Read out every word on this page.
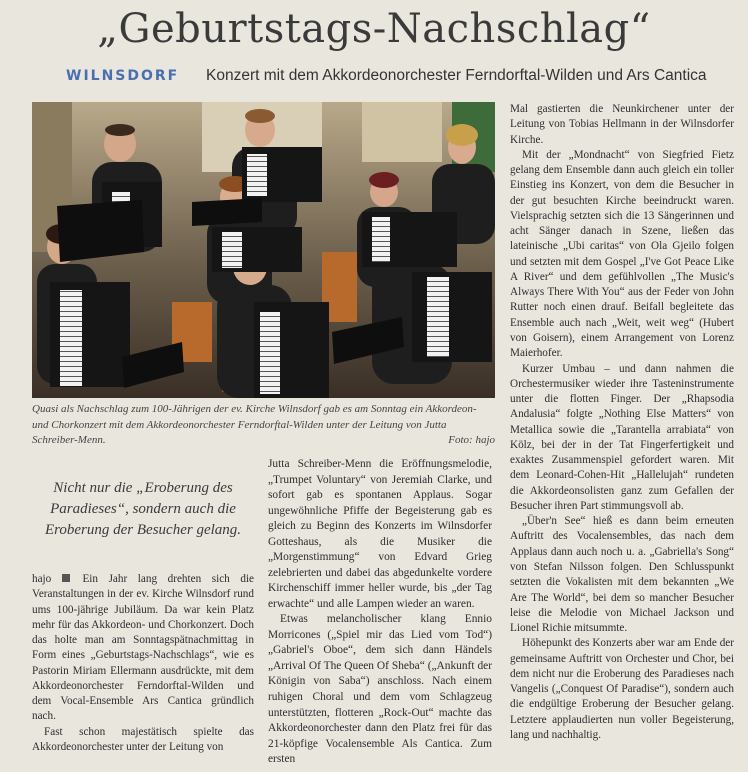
„Geburtstags-Nachschlag“
WILNSDORF Konzert mit dem Akkordeonorchester Ferndorftal-Wilden und Ars Cantica
Quasi als Nachschlag zum 100-Jährigen der ev. Kirche Wilnsdorf gab es am Sonntag ein Akkordeon- und Chorkonzert mit dem Akkordeonorchester Ferndorftal-Wilden unter der Leitung von Jutta Schreiber-Menn.	Foto: hajo
Nicht nur die „Eroberung des Paradieses“, sondern auch die Eroberung der Besucher gelang.

hajo	Ein Jahr lang drehten sich die Veranstaltungen in der ev. Kirche Wilnsdorf rund ums 100-jährige Jubiläum. Da war kein Platz mehr für das Akkordeon- und Chorkonzert. Doch das holte man am Sonntagspätnachmittag in Form eines „Geburtstags-Nachschlags“, wie es Pastorin Miriam Ellermann ausdrückte, mit dem Akkordeonorchester Ferndorftal-Wilden und dem Vocal-Ensemble Ars Cantica gründlich nach.

Fast schon majestätisch spielte das Akkordeonorchester unter der Leitung von

Jutta Schreiber-Menn die Eröffnungsmelodie, „Trumpet Voluntary“ von Jeremiah Clarke, und sofort gab es spontanen Applaus. Sogar ungewöhnliche Pfiffe der Begeisterung gab es gleich zu Beginn des Konzerts im Wilnsdorfer Gotteshaus, als die Musiker die „Morgenstimmung“ von Edvard Grieg zelebrierten und dabei das abgedunkelte vordere Kirchenschiff immer heller wurde, bis „der Tag erwachte“ und alle Lampen wieder an waren.

Etwas melancholischer klang Ennio Morricones („Spiel mir das Lied vom Tod“) „Gabriel's Oboe“, dem sich dann Händels „Arrival Of The Queen Of Sheba“ („Ankunft der Königin von Saba“) anschloss. Nach einem ruhigen Choral und dem vom Schlagzeug unterstützten, flotteren „Rock-Out“ machte das Akkordeonorchester dann den Platz frei für das 21-köpfige Vocalensemble Als Cantica. Zum ersten

Mal gastierten die Neunkirchener unter der Leitung von Tobias Hellmann in der Wilnsdorfer Kirche.

Mit der „Mondnacht“ von Siegfried Fietz gelang dem Ensemble dann auch gleich ein toller Einstieg ins Konzert, von dem die Besucher in der gut besuchten Kirche beeindruckt waren. Vielsprachig setzten sich die 13 Sängerinnen und acht Sänger danach in Szene, ließen das lateinische „Ubi caritas“ von Ola Gjeilo folgen und setzten mit dem Gospel „I've Got Peace Like A River“ und dem gefühlvollen „The Music's Always There With You“ aus der Feder von John Rutter noch einen drauf. Beifall begleitete das Ensemble auch nach „Weit, weit weg“ (Hubert von Goisern), einem Arrangement von Lorenz Maierhofer.

Kurzer Umbau – und dann nahmen die Orchestermusiker wieder ihre Tasteninstrumente unter die flotten Finger. Der „Rhapsodia Andalusia“ folgte „Nothing Else Matters“ von Metallica sowie die „Tarantella arrabiata“ von Kölz, bei der in der Tat Fingerfertigkeit und exaktes Zusammenspiel gefordert waren. Mit dem Leonard-Cohen-Hit „Hallelujah“ rundeten die Akkordeonsolisten ganz zum Gefallen der Besucher ihren Part stimmungsvoll ab.

„Über'n See“ hieß es dann beim erneuten Auftritt des Vocalensembles, das nach dem Applaus dann auch noch u. a. „Gabriella's Song“ von Stefan Nilsson folgen. Den Schlusspunkt setzten die Vokalisten mit dem bekannten „We Are The World“, bei dem so mancher Besucher leise die Melodie von Michael Jackson und Lionel Richie mitsummte.

Höhepunkt des Konzerts aber war am Ende der gemeinsame Auftritt von Orchester und Chor, bei dem nicht nur die Eroberung des Paradieses nach Vangelis („Conquest Of Paradise“), sondern auch die endgültige Eroberung der Besucher gelang. Letztere applaudierten nun voller Begeisterung, lang und nachhaltig.
